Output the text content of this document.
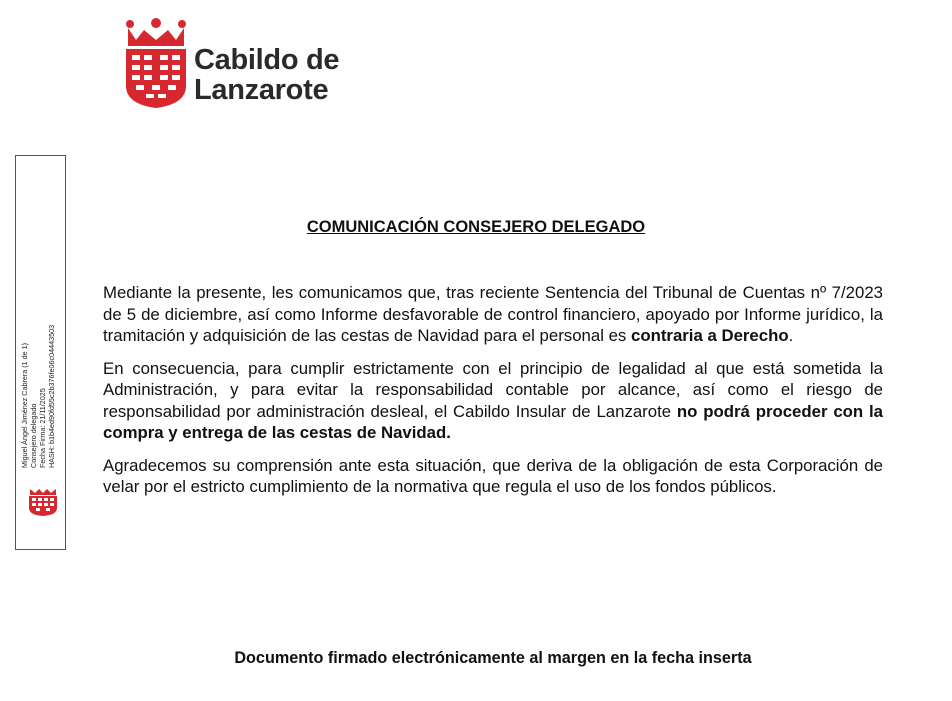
Cabildo de
Lanzarote
Miguel Ángel Jiménez Cabrera (1 de 1) Consejero delegado Fecha Firma: 21/11/2025 HASH: b1b4ed90fd55c2b376fe06c04443503
COMUNICACIÓN CONSEJERO DELEGADO

Mediante la presente, les comunicamos que, tras reciente Sentencia del Tribunal de Cuentas nº 7/2023 de 5 de diciembre, así como Informe desfavorable de control financiero, apoyado por Informe jurídico, la tramitación y adquisición de las cestas de Navidad para el personal es contraria a Derecho.

En consecuencia, para cumplir estrictamente con el principio de legalidad al que está sometida la Administración, y para evitar la responsabilidad contable por alcance, así como el riesgo de responsabilidad por administración desleal, el Cabildo Insular de Lanzarote no podrá proceder con la compra y entrega de las cestas de Navidad.

Agradecemos su comprensión ante esta situación, que deriva de la obligación de esta Corporación de velar por el estricto cumplimiento de la normativa que regula el uso de los fondos públicos.

Documento firmado electrónicamente al margen en la fecha inserta
